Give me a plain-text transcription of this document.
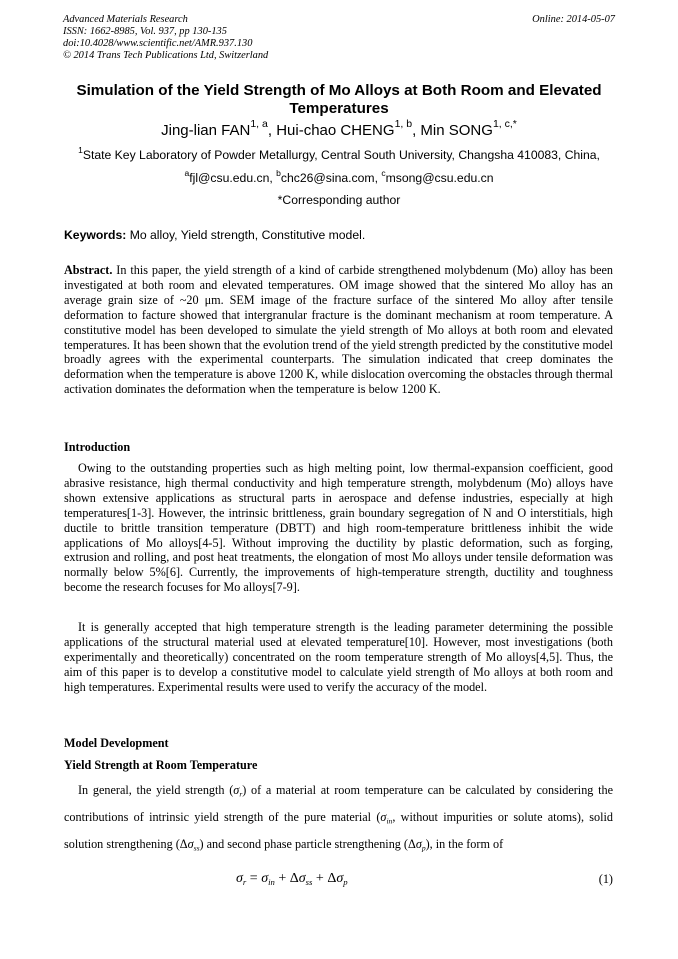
Advanced Materials Research
ISSN: 1662-8985, Vol. 937, pp 130-135
doi:10.4028/www.scientific.net/AMR.937.130
© 2014 Trans Tech Publications Ltd, Switzerland
Online: 2014-05-07
Simulation of the Yield Strength of Mo Alloys at Both Room and Elevated Temperatures
Jing-lian FAN$^{1, a}$, Hui-chao CHENG$^{1, b}$, Min $SONG^{1, c,*}$
$^1$State Key Laboratory of Powder Metallurgy, Central South University, Changsha 410083, China,
$^a$fjl@csu.edu.cn, $^b$chc26@sina.com, $^c$msong@csu.edu.cn
*Corresponding author
Keywords: Mo alloy, Yield strength, Constitutive model.
Abstract. In this paper, the yield strength of a kind of carbide strengthened molybdenum (Mo) alloy has been investigated at both room and elevated temperatures. OM image showed that the sintered Mo alloy has an average grain size of ~20 μm. SEM image of the fracture surface of the sintered Mo alloy after tensile deformation to facture showed that intergranular fracture is the dominant mechanism at room temperature. A constitutive model has been developed to simulate the yield strength of Mo alloys at both room and elevated temperatures. It has been shown that the evolution trend of the yield strength predicted by the constitutive model broadly agrees with the experimental counterparts. The simulation indicated that creep dominates the deformation when the temperature is above 1200 K, while dislocation overcoming the obstacles through thermal activation dominates the deformation when the temperature is below 1200 K.
Introduction
Owing to the outstanding properties such as high melting point, low thermal-expansion coefficient, good abrasive resistance, high thermal conductivity and high temperature strength, molybdenum (Mo) alloys have shown extensive applications as structural parts in aerospace and defense industries, especially at high temperatures[1-3]. However, the intrinsic brittleness, grain boundary segregation of N and O interstitials, high ductile to brittle transition temperature (DBTT) and high room-temperature brittleness inhibit the wide applications of Mo alloys[4-5]. Without improving the ductility by plastic deformation, such as forging, extrusion and rolling, and post heat treatments, the elongation of most Mo alloys under tensile deformation was normally below 5%[6]. Currently, the improvements of high-temperature strength, ductility and toughness become the research focuses for Mo alloys[7-9].
It is generally accepted that high temperature strength is the leading parameter determining the possible applications of the structural material used at elevated temperature[10]. However, most investigations (both experimentally and theoretically) concentrated on the room temperature strength of Mo alloys[4,5]. Thus, the aim of this paper is to develop a constitutive model to calculate yield strength of Mo alloys at both room and high temperatures. Experimental results were used to verify the accuracy of the model.
Model Development
Yield Strength at Room Temperature
In general, the yield strength $(\sigma_r)$ of a material at room temperature can be calculated by considering the contributions of intrinsic yield strength of the pure material ($\sigma_{in}$, without impurities or solute atoms), solid solution strengthening $(\Delta\sigma_{ss})$ and second phase particle strengthening $(\Delta\sigma_p)$, in the form of
$\sigma_r = \sigma_{in} + \Delta\sigma_{ss} + \Delta\sigma_p$	(1)
